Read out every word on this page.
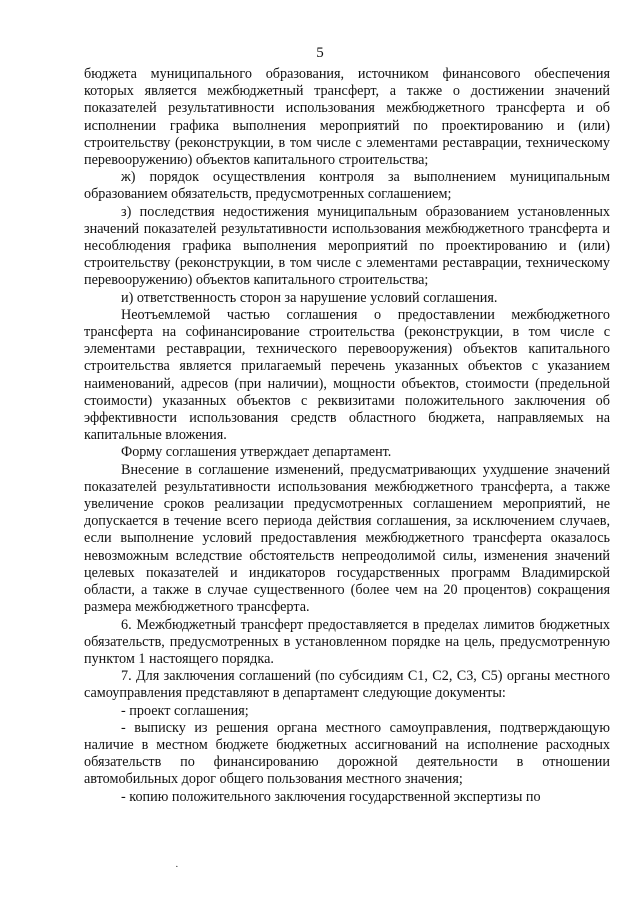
5

бюджета муниципального образования, источником финансового обеспечения которых является межбюджетный трансферт, а также о достижении значений показателей результативности использования межбюджетного трансферта и об исполнении графика выполнения мероприятий по проектированию и (или) строительству (реконструкции, в том числе с элементами реставрации, техническому перевооружению) объектов капитального строительства;

ж) порядок осуществления контроля за выполнением муниципальным образованием обязательств, предусмотренных соглашением;

з) последствия недостижения муниципальным образованием установленных значений показателей результативности использования межбюджетного трансферта и несоблюдения графика выполнения мероприятий по проектированию и (или) строительству (реконструкции, в том числе с элементами реставрации, техническому перевооружению) объектов капитального строительства;

и) ответственность сторон за нарушение условий соглашения.

Неотъемлемой частью соглашения о предоставлении межбюджетного трансферта на софинансирование строительства (реконструкции, в том числе с элементами реставрации, технического перевооружения) объектов капитального строительства является прилагаемый перечень указанных объектов с указанием наименований, адресов (при наличии), мощности объектов, стоимости (предельной стоимости) указанных объектов с реквизитами положительного заключения об эффективности использования средств областного бюджета, направляемых на капитальные вложения.

Форму соглашения утверждает департамент.

Внесение в соглашение изменений, предусматривающих ухудшение значений показателей результативности использования межбюджетного трансферта, а также увеличение сроков реализации предусмотренных соглашением мероприятий, не допускается в течение всего периода действия соглашения, за исключением случаев, если выполнение условий предоставления межбюджетного трансферта оказалось невозможным вследствие обстоятельств непреодолимой силы, изменения значений целевых показателей и индикаторов государственных программ Владимирской области, а также в случае существенного (более чем на 20 процентов) сокращения размера межбюджетного трансферта.

6. Межбюджетный трансферт предоставляется в пределах лимитов бюджетных обязательств, предусмотренных в установленном порядке на цель, предусмотренную пунктом 1 настоящего порядка.

7. Для заключения соглашений (по субсидиям С1, С2, С3, С5) органы местного самоуправления представляют в департамент следующие документы:

- проект соглашения;

- выписку из решения органа местного самоуправления, подтверждающую наличие в местном бюджете бюджетных ассигнований на исполнение расходных обязательств по финансированию дорожной деятельности в отношении автомобильных дорог общего пользования местного значения;

- копию положительного заключения государственной экспертизы по

·
